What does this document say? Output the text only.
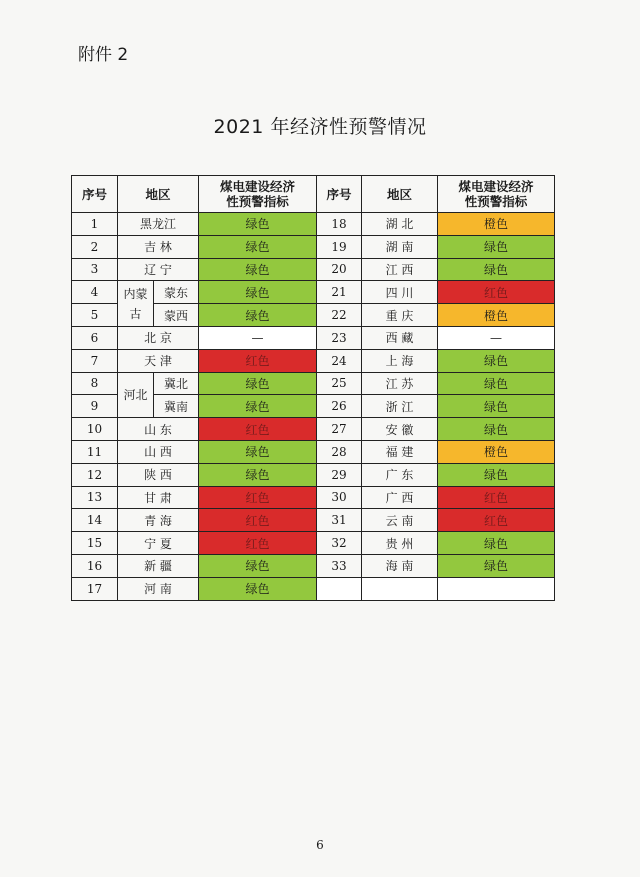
附件 2
2021 年经济性预警情况
序号	地区		煤电建设经济性预警指标	序号	地区	煤电建设经济性预警指标
1	黑龙江		绿色	18	湖 北	橙色
2	吉 林		绿色	19	湖 南	绿色
3	辽 宁		绿色	20	江 西	绿色
4	内蒙古	蒙东	绿色	21	四 川	红色
5		蒙西	绿色	22	重 庆	橙色
6	北 京		—	23	西 藏	—
7	天 津		红色	24	上 海	绿色
8	河北	冀北	绿色	25	江 苏	绿色
9		冀南	绿色	26	浙 江	绿色
10	山 东		红色	27	安 徽	绿色
11	山 西		绿色	28	福 建	橙色
12	陕 西		绿色	29	广 东	绿色
13	甘 肃		红色	30	广 西	红色
14	青 海		红色	31	云 南	红色
15	宁 夏		红色	32	贵 州	绿色
16	新 疆		绿色	33	海 南	绿色
17	河 南		绿色			
6
